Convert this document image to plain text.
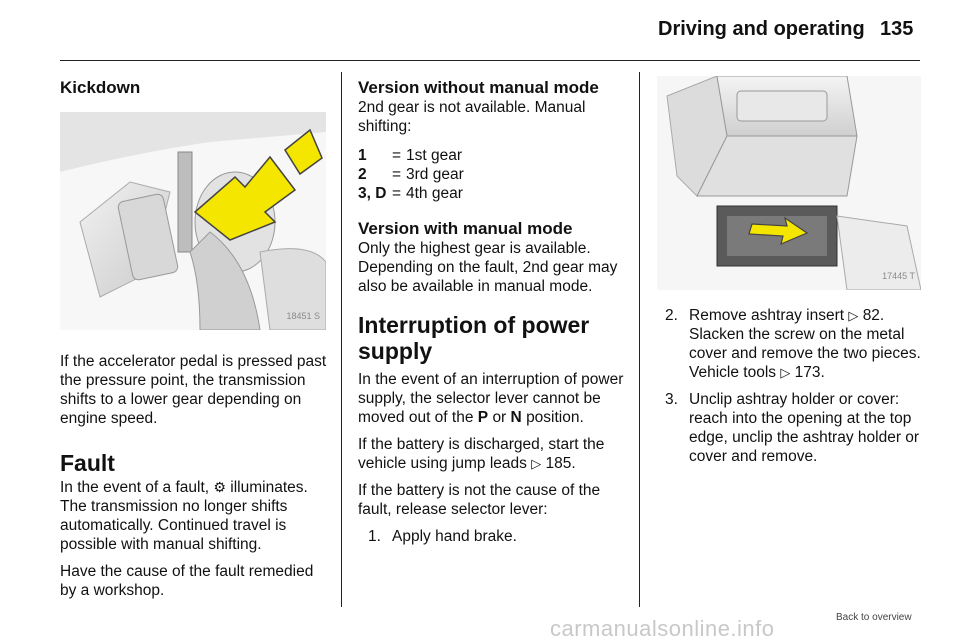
Driving and operating 135
Kickdown
18451 S

If the accelerator pedal is pressed past the pressure point, the transmission shifts to a lower gear depending on engine speed.

Fault

In the event of a fault, ⚙ illuminates. The transmission no longer shifts automatically. Continued travel is possible with manual shifting.

Have the cause of the fault remedied by a workshop.

Version without manual mode

2nd gear is not available. Manual shifting:

1	= 1st gear
2	= 3rd gear
3, D = 4th gear
Version with manual mode

Only the highest gear is available. Depending on the fault, 2nd gear may also be available in manual mode.

Interruption of power supply

In the event of an interruption of power supply, the selector lever cannot be moved out of the P or N position.

If the battery is discharged, start the vehicle using jump leads ▷ 185.

If the battery is not the cause of the fault, release selector lever:

1. Apply hand brake.
17445 T
2. Remove ashtray insert ▷ 82. Slacken the screw on the metal cover and remove the two pieces. Vehicle tools ▷ 173.
3. Unclip ashtray holder or cover: reach into the opening at the top edge, unclip the ashtray holder or cover and remove.
carmanualsonline.info	Back to overview
